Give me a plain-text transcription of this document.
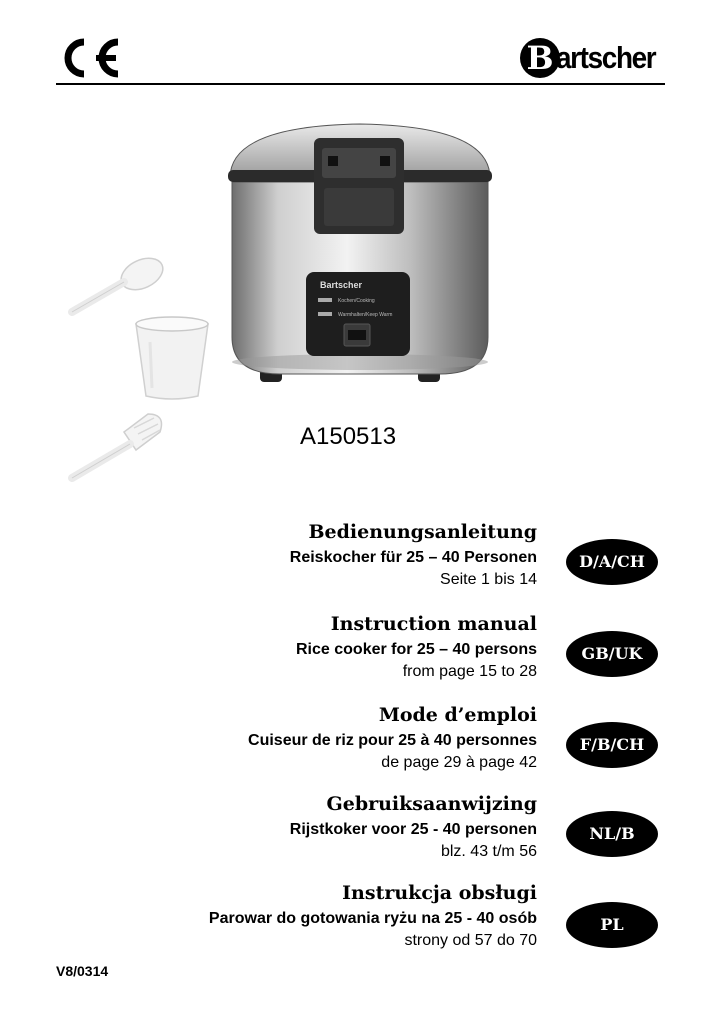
B artscher
Bartscher
Kochen/Cooking
Warmhalten/Keep Warm
A150513
Bedienungsanleitung
Reiskocher für 25 – 40 Personen
Seite 1 bis 14
D/A/CH
Instruction manual
Rice cooker for 25 – 40 persons
from page 15 to 28
GB/UK
Mode d’emploi
Cuiseur de riz pour 25 à 40 personnes
de page 29 à page 42
F/B/CH
Gebruiksaanwijzing
Rijstkoker voor 25 - 40 personen
blz. 43 t/m 56
NL/B
Instrukcja obsługi
Parowar do gotowania ryżu na 25 - 40 osób
strony od 57 do 70
PL
V8/0314
